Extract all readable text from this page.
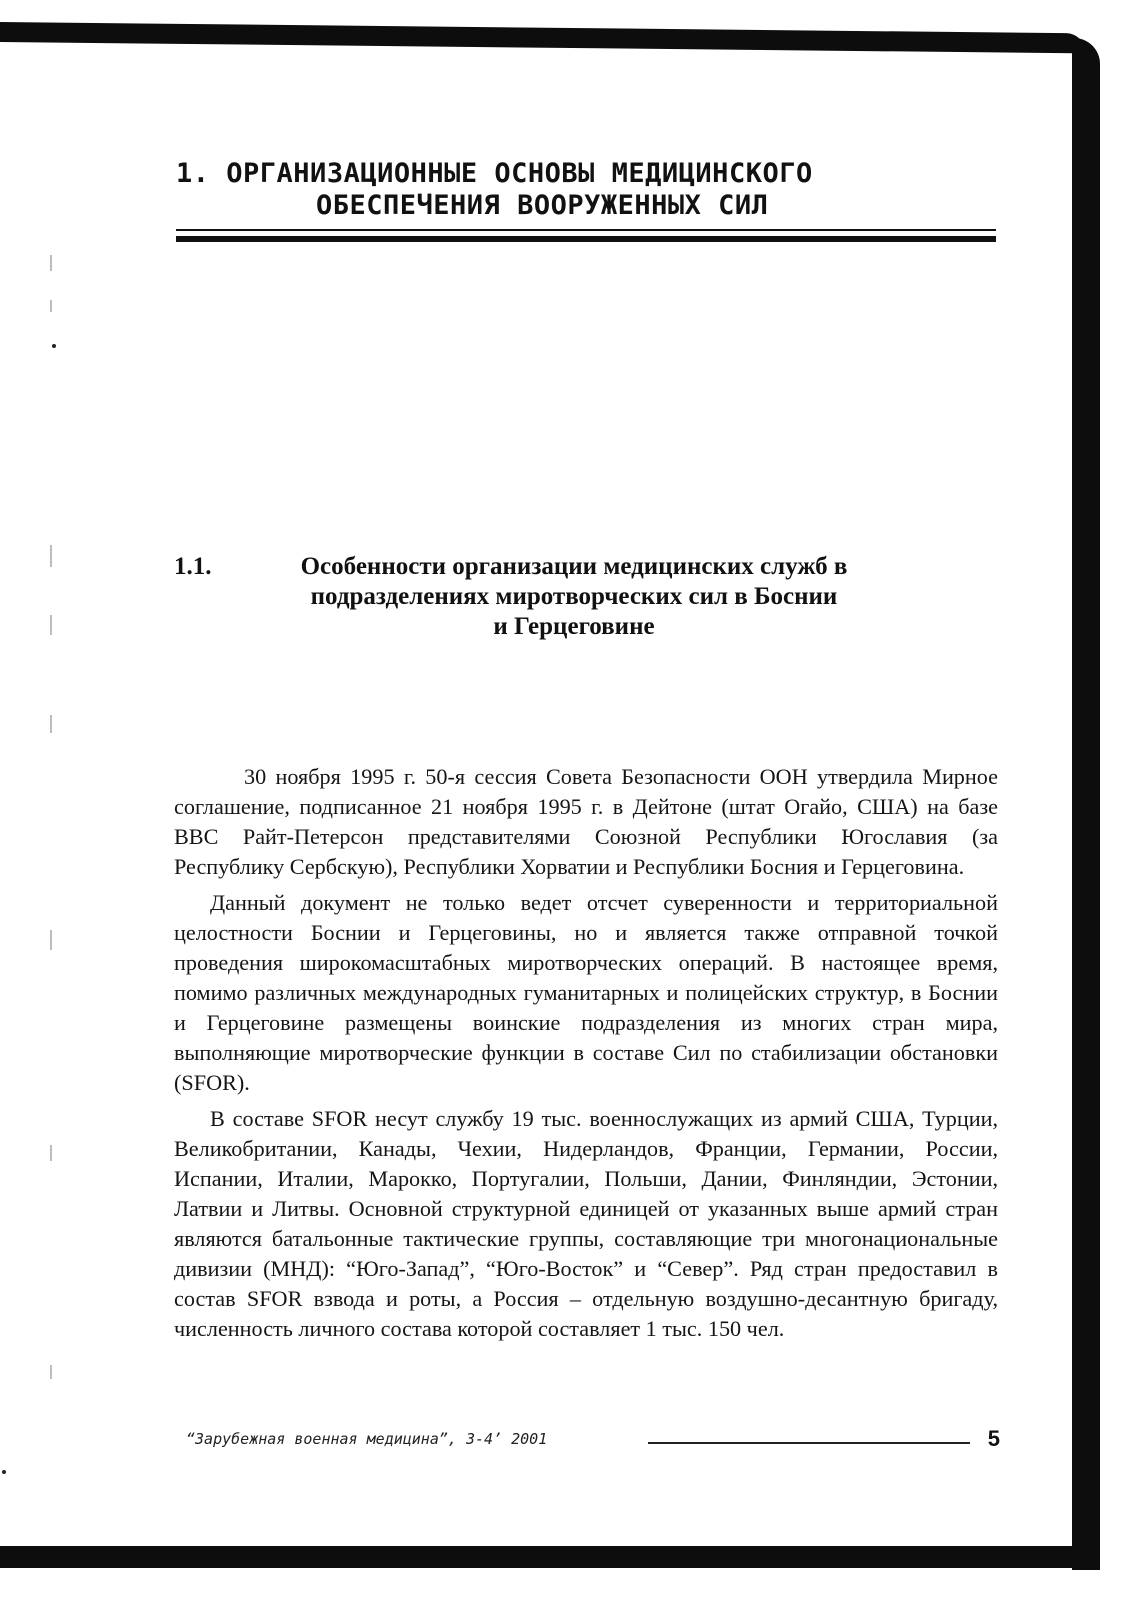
1. ОРГАНИЗАЦИОННЫЕ ОСНОВЫ МЕДИЦИНСКОГО
ОБЕСПЕЧЕНИЯ ВООРУЖЕННЫХ СИЛ
1.1.	Особенности организации медицинских служб в
подразделениях миротворческих сил в Боснии
и Герцеговине

30 ноября 1995 г. 50-я сессия Совета Безопасности ООН утвердила Мирное соглашение, подписанное 21 ноября 1995 г. в Дейтоне (штат Огайо, США) на базе ВВС Райт-Петерсон представителями Союзной Республики Югославия (за Республику Сербскую), Республики Хорватии и Республики Босния и Герцеговина.

Данный документ не только ведет отсчет суверенности и территориальной целостности Боснии и Герцеговины, но и является также отправной точкой проведения широкомасштабных миротворческих операций. В настоящее время, помимо различных международных гуманитарных и полицейских структур, в Боснии и Герцеговине размещены воинские подразделения из многих стран мира, выполняющие миротворческие функции в составе Сил по стабилизации обстановки (SFOR).

В составе SFOR несут службу 19 тыс. военнослужащих из армий США, Турции, Великобритании, Канады, Чехии, Нидерландов, Франции, Германии, России, Испании, Италии, Марокко, Португалии, Польши, Дании, Финляндии, Эстонии, Латвии и Литвы. Основной структурной единицей от указанных выше армий стран являются батальонные тактические группы, составляющие три многонациональные дивизии (МНД): “Юго-Запад”, “Юго-Восток” и “Север”. Ряд стран предоставил в состав SFOR взвода и роты, а Россия – отдельную воздушно-десантную бригаду, численность личного состава которой составляет 1 тыс. 150 чел.

“Зарубежная военная медицина”, 3-4’ 2001	5
